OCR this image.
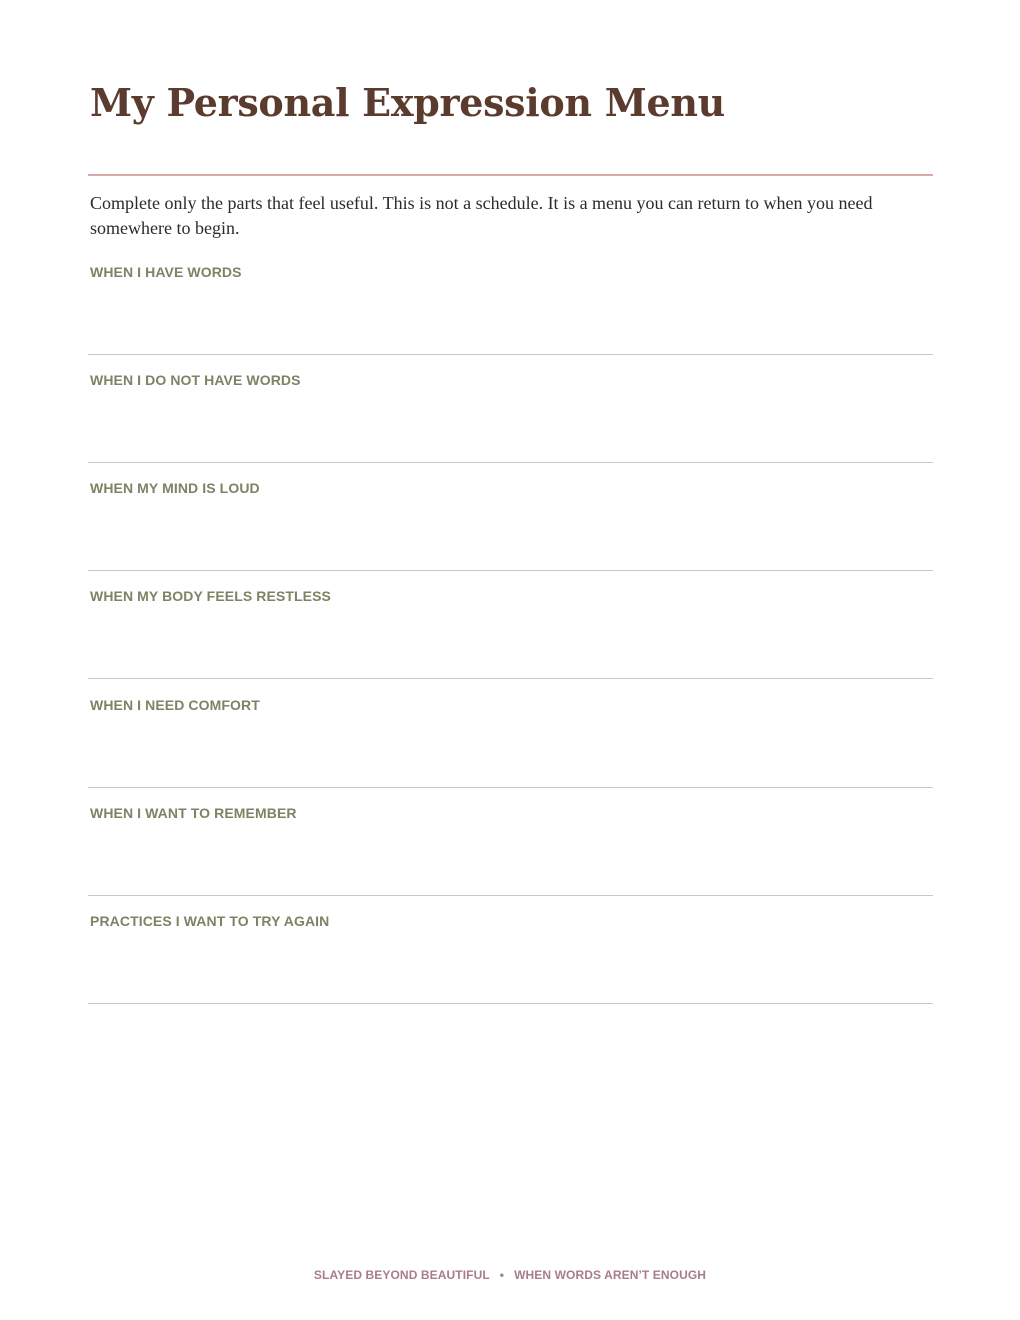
My Personal Expression Menu

Complete only the parts that feel useful. This is not a schedule. It is a menu you can return to when you need somewhere to begin.

WHEN I HAVE WORDS
WHEN I DO NOT HAVE WORDS
WHEN MY MIND IS LOUD
WHEN MY BODY FEELS RESTLESS
WHEN I NEED COMFORT
WHEN I WANT TO REMEMBER
PRACTICES I WANT TO TRY AGAIN
SLAYED BEYOND BEAUTIFUL • WHEN WORDS AREN’T ENOUGH
